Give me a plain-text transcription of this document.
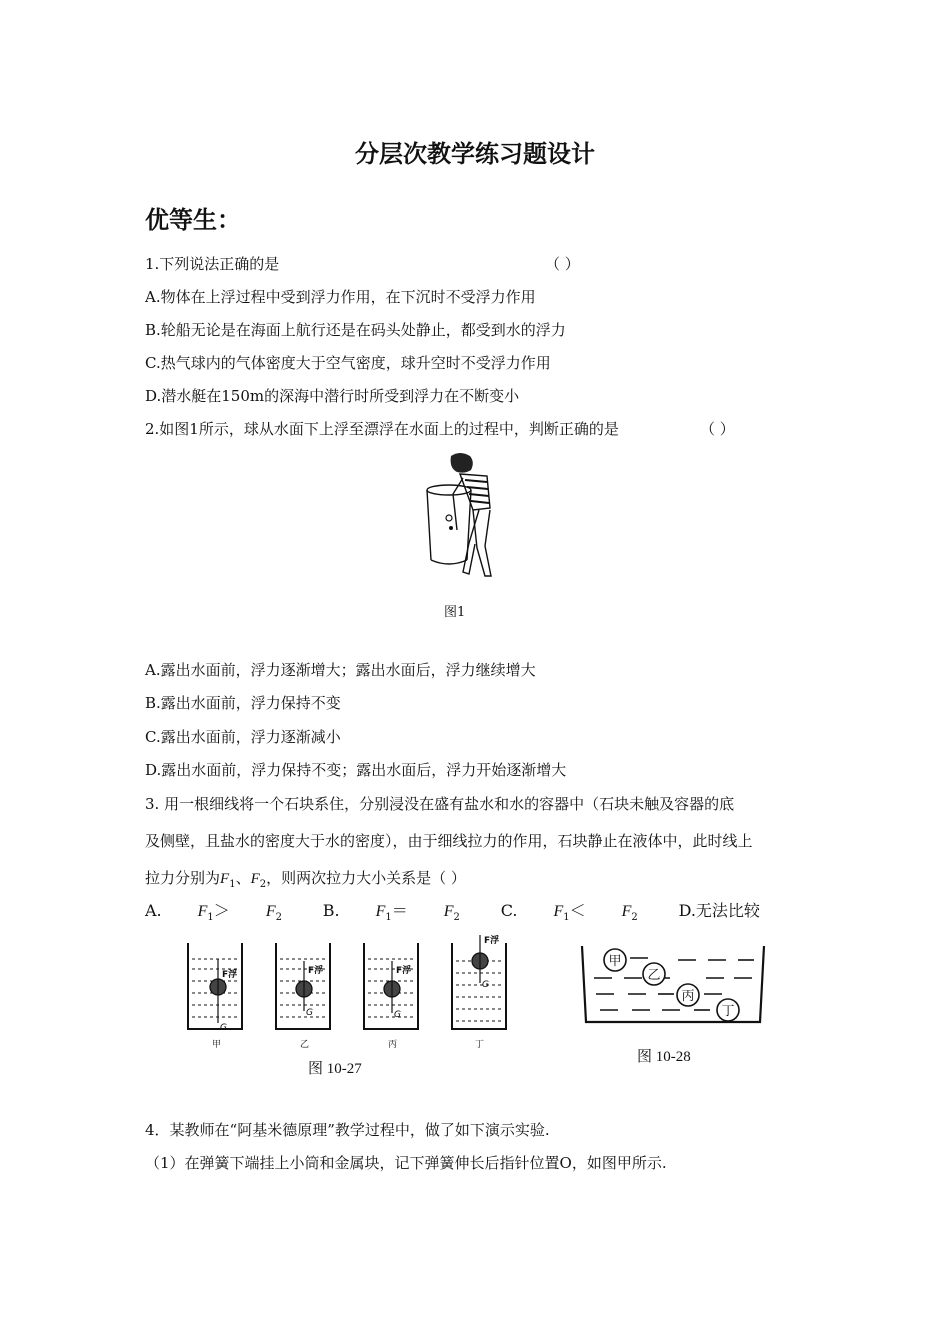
分层次教学练习题设计
优等生：
1.下列说法正确的是	（ ）
A.物体在上浮过程中受到浮力作用，在下沉时不受浮力作用
B.轮船无论是在海面上航行还是在码头处静止，都受到水的浮力
C.热气球内的气体密度大于空气密度，球升空时不受浮力作用
D.潜水艇在150m的深海中潜行时所受到浮力在不断变小
2.如图1所示，球从水面下上浮至漂浮在水面上的过程中，判断正确的是	（ ）
图1
A.露出水面前，浮力逐渐增大；露出水面后，浮力继续增大
B.露出水面前，浮力保持不变
C.露出水面前，浮力逐渐减小
D.露出水面前，浮力保持不变；露出水面后，浮力开始逐渐增大
3. 用一根细线将一个石块系住，分别浸没在盛有盐水和水的容器中（石块未触及容器的底
及侧壁，且盐水的密度大于水的密度），由于细线拉力的作用，石块静止在液体中，此时线上
拉力分别为$F_1$、$F_2$，则两次拉力大小关系是（ ）
A. $F_1> F_2$	B. $F_1= F_2$	C. $F_1< F_2$	D.无法比较
F浮
G
F浮
G
F浮
G
F浮
G
甲	乙	丙	丁
图 10-27
甲
乙
丙
丁
图 10-28
4．某教师在“阿基米德原理”教学过程中，做了如下演示实验.
（1）在弹簧下端挂上小筒和金属块，记下弹簧伸长后指针位置O，如图甲所示.
